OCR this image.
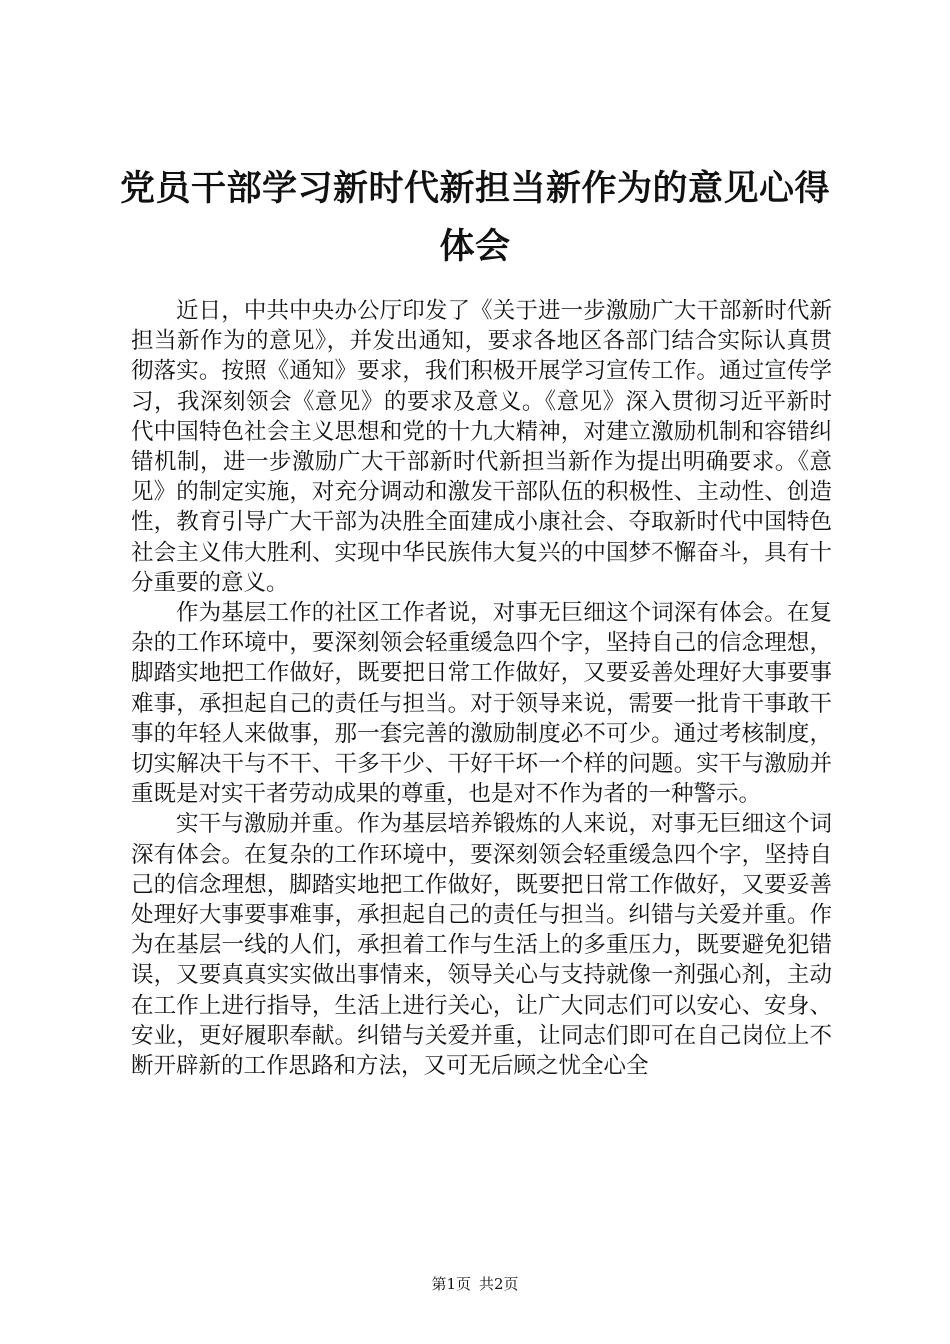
党员干部学习新时代新担当新作为的意见心得
体会

近日，中共中央办公厅印发了《关于进一步激励广大干部新时代新担当新作为的意见》，并发出通知，要求各地区各部门结合实际认真贯彻落实。按照《通知》要求，我们积极开展学习宣传工作。通过宣传学习，我深刻领会《意见》的要求及意义。《意见》深入贯彻习近平新时代中国特色社会主义思想和党的十九大精神，对建立激励机制和容错纠错机制，进一步激励广大干部新时代新担当新作为提出明确要求。《意见》的制定实施，对充分调动和激发干部队伍的积极性、主动性、创造性，教育引导广大干部为决胜全面建成小康社会、夺取新时代中国特色社会主义伟大胜利、实现中华民族伟大复兴的中国梦不懈奋斗，具有十分重要的意义。

作为基层工作的社区工作者说，对事无巨细这个词深有体会。在复杂的工作环境中，要深刻领会轻重缓急四个字，坚持自己的信念理想，脚踏实地把工作做好，既要把日常工作做好，又要妥善处理好大事要事难事，承担起自己的责任与担当。对于领导来说，需要一批肯干事敢干事的年轻人来做事，那一套完善的激励制度必不可少。通过考核制度，切实解决干与不干、干多干少、干好干坏一个样的问题。实干与激励并重既是对实干者劳动成果的尊重，也是对不作为者的一种警示。

实干与激励并重。作为基层培养锻炼的人来说，对事无巨细这个词深有体会。在复杂的工作环境中，要深刻领会轻重缓急四个字，坚持自己的信念理想，脚踏实地把工作做好，既要把日常工作做好，又要妥善处理好大事要事难事，承担起自己的责任与担当。纠错与关爱并重。作为在基层一线的人们，承担着工作与生活上的多重压力，既要避免犯错误，又要真真实实做出事情来，领导关心与支持就像一剂强心剂，主动在工作上进行指导，生活上进行关心，让广大同志们可以安心、安身、安业，更好履职奉献。纠错与关爱并重，让同志们即可在自己岗位上不断开辟新的工作思路和方法，又可无后顾之忧全心全

第1页 共2页
